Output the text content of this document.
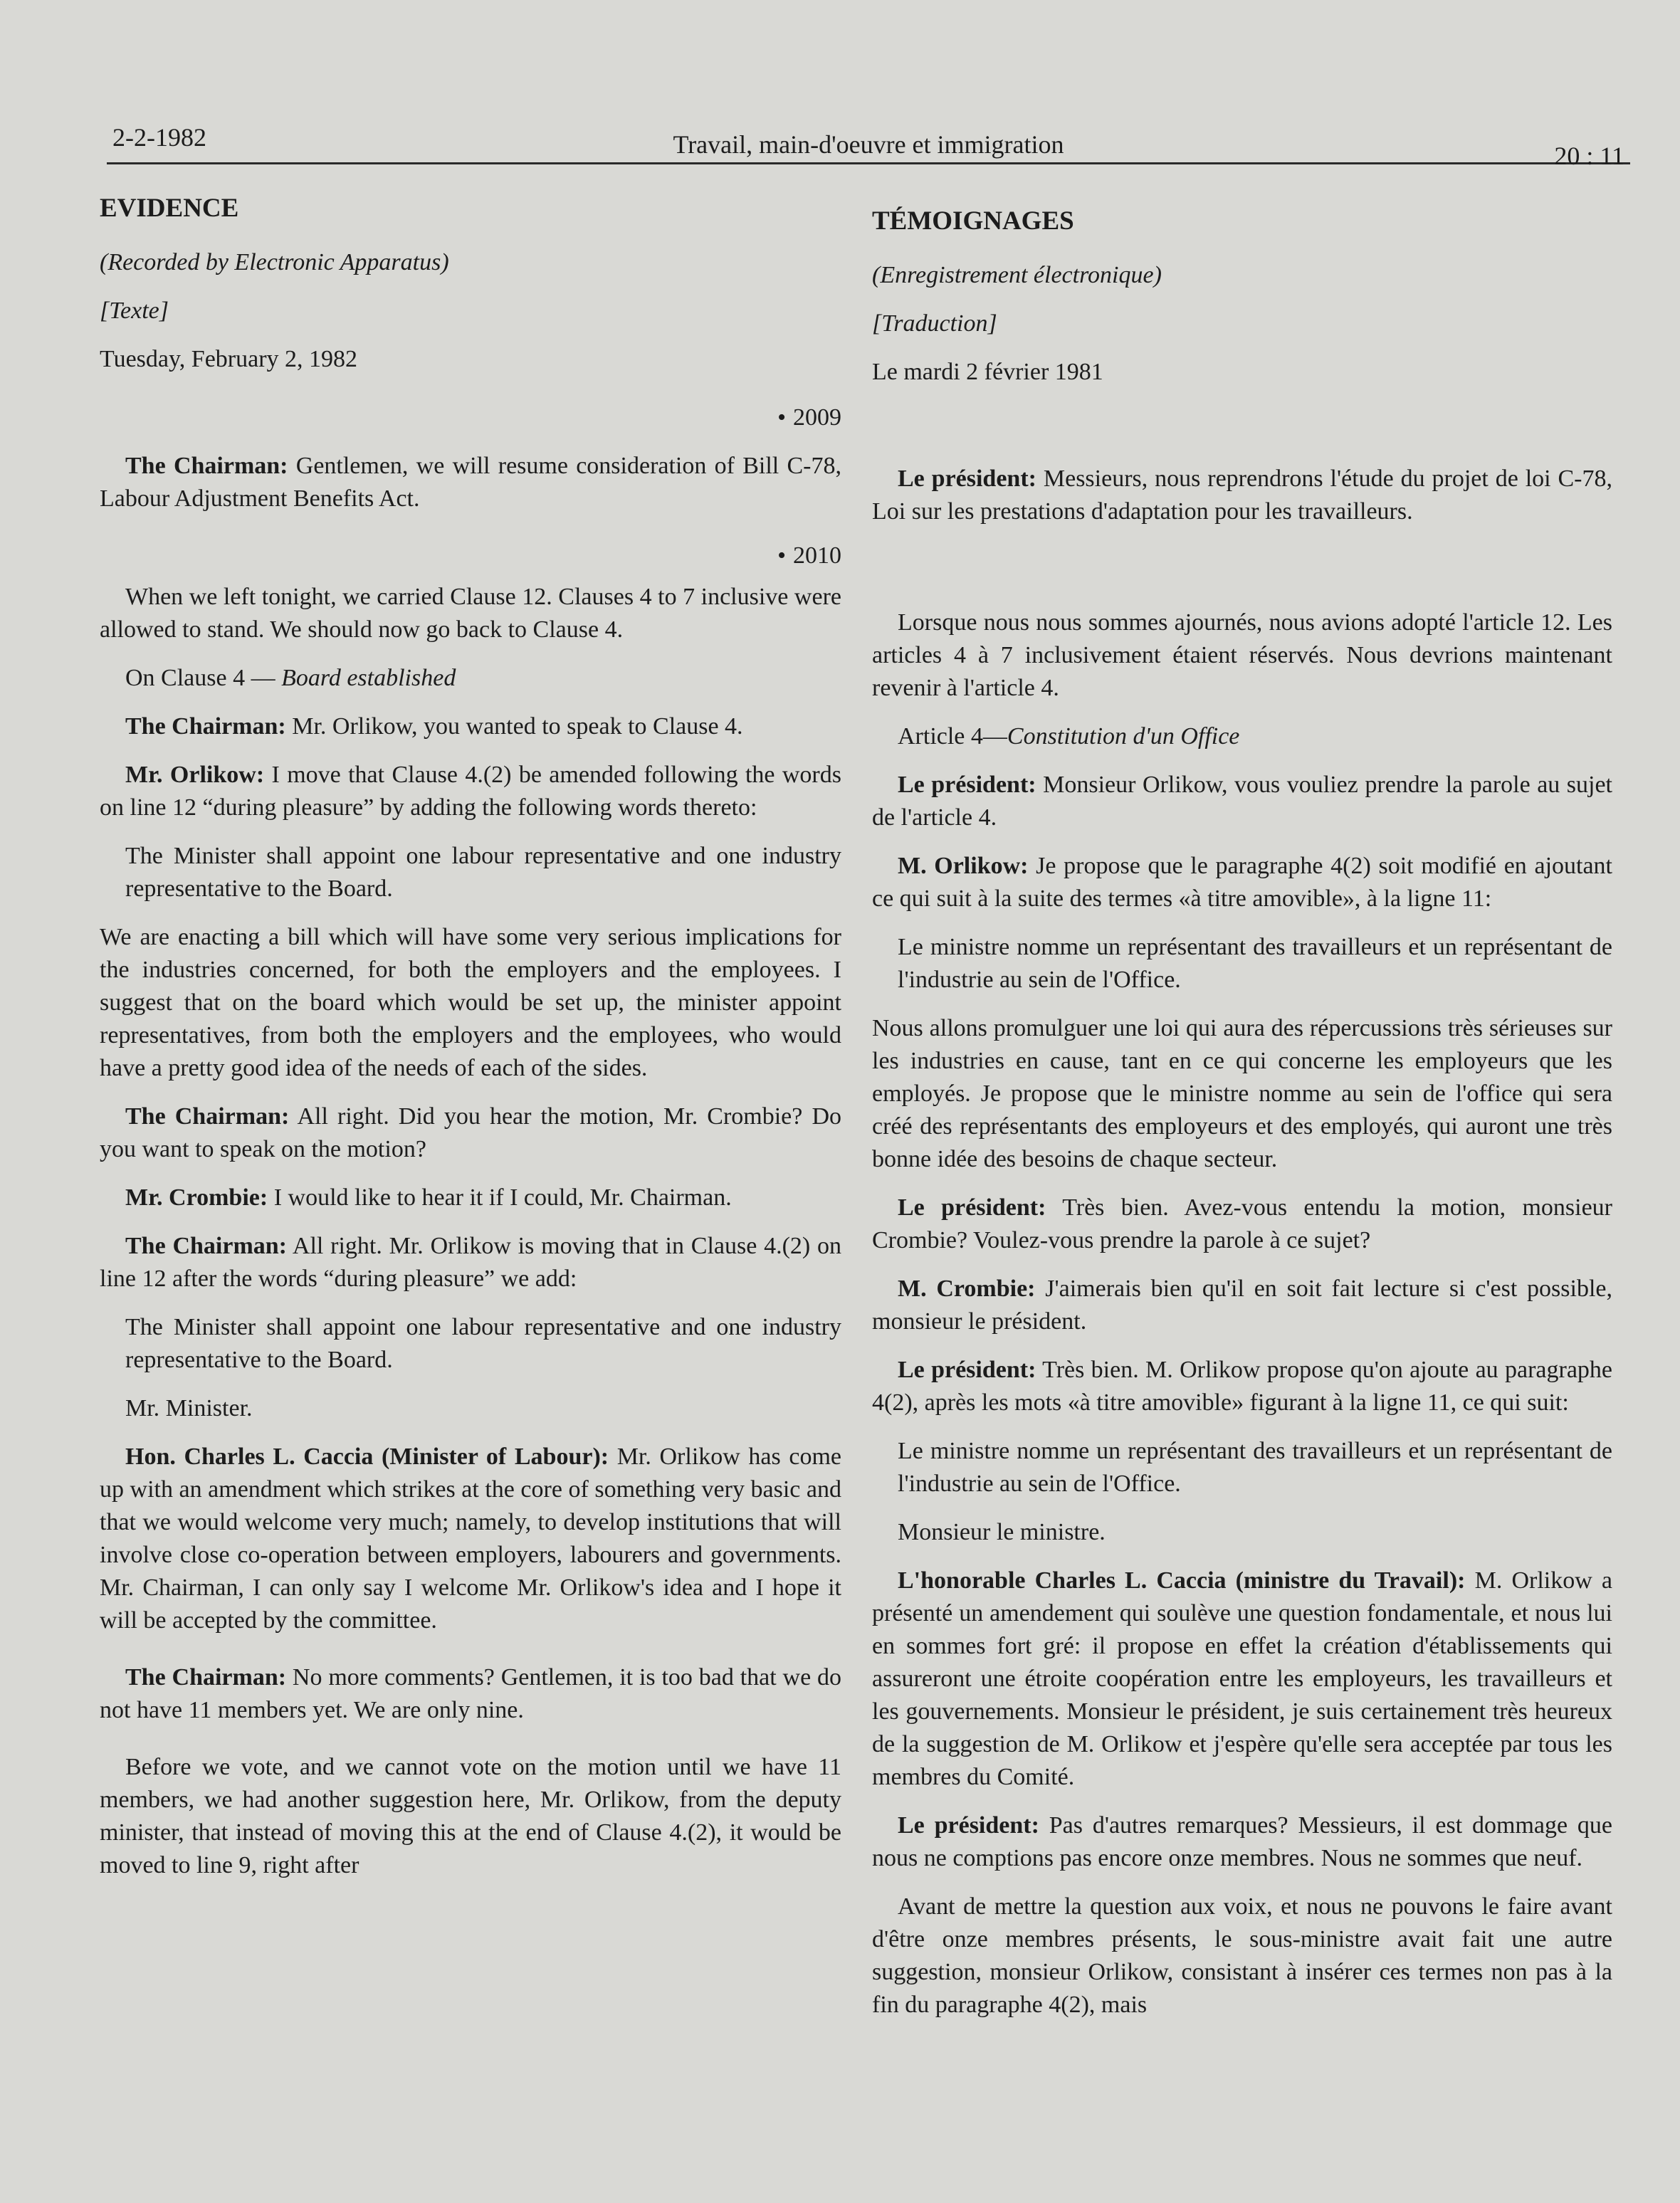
2-2-1982	Travail, main-d'oeuvre et immigration	20 : 11

EVIDENCE

(Recorded by Electronic Apparatus)

[Texte]

Tuesday, February 2, 1982

• 2009

The Chairman: Gentlemen, we will resume consideration of Bill C-78, Labour Adjustment Benefits Act.

• 2010

When we left tonight, we carried Clause 12. Clauses 4 to 7 inclusive were allowed to stand. We should now go back to Clause 4.

On Clause 4 — Board established

The Chairman: Mr. Orlikow, you wanted to speak to Clause 4.

Mr. Orlikow: I move that Clause 4.(2) be amended following the words on line 12 “during pleasure” by adding the following words thereto:

The Minister shall appoint one labour representative and one industry representative to the Board.

We are enacting a bill which will have some very serious implications for the industries concerned, for both the employers and the employees. I suggest that on the board which would be set up, the minister appoint representatives, from both the employers and the employees, who would have a pretty good idea of the needs of each of the sides.

The Chairman: All right. Did you hear the motion, Mr. Crombie? Do you want to speak on the motion?

Mr. Crombie: I would like to hear it if I could, Mr. Chairman.

The Chairman: All right. Mr. Orlikow is moving that in Clause 4.(2) on line 12 after the words “during pleasure” we add:

The Minister shall appoint one labour representative and one industry representative to the Board.

Mr. Minister.

Hon. Charles L. Caccia (Minister of Labour): Mr. Orlikow has come up with an amendment which strikes at the core of something very basic and that we would welcome very much; namely, to develop institutions that will involve close co-operation between employers, labourers and governments. Mr. Chairman, I can only say I welcome Mr. Orlikow's idea and I hope it will be accepted by the committee.

The Chairman: No more comments? Gentlemen, it is too bad that we do not have 11 members yet. We are only nine.

Before we vote, and we cannot vote on the motion until we have 11 members, we had another suggestion here, Mr. Orlikow, from the deputy minister, that instead of moving this at the end of Clause 4.(2), it would be moved to line 9, right after

TÉMOIGNAGES

(Enregistrement électronique)

[Traduction]

Le mardi 2 février 1981

Le président: Messieurs, nous reprendrons l'étude du projet de loi C-78, Loi sur les prestations d'adaptation pour les travailleurs.

Lorsque nous nous sommes ajournés, nous avions adopté l'article 12. Les articles 4 à 7 inclusivement étaient réservés. Nous devrions maintenant revenir à l'article 4.

Article 4—Constitution d'un Office

Le président: Monsieur Orlikow, vous vouliez prendre la parole au sujet de l'article 4.

M. Orlikow: Je propose que le paragraphe 4(2) soit modifié en ajoutant ce qui suit à la suite des termes «à titre amovible», à la ligne 11:

Le ministre nomme un représentant des travailleurs et un représentant de l'industrie au sein de l'Office.

Nous allons promulguer une loi qui aura des répercussions très sérieuses sur les industries en cause, tant en ce qui concerne les employeurs que les employés. Je propose que le ministre nomme au sein de l'office qui sera créé des représentants des employeurs et des employés, qui auront une très bonne idée des besoins de chaque secteur.

Le président: Très bien. Avez-vous entendu la motion, monsieur Crombie? Voulez-vous prendre la parole à ce sujet?

M. Crombie: J'aimerais bien qu'il en soit fait lecture si c'est possible, monsieur le président.

Le président: Très bien. M. Orlikow propose qu'on ajoute au paragraphe 4(2), après les mots «à titre amovible» figurant à la ligne 11, ce qui suit:

Le ministre nomme un représentant des travailleurs et un représentant de l'industrie au sein de l'Office.

Monsieur le ministre.

L'honorable Charles L. Caccia (ministre du Travail): M. Orlikow a présenté un amendement qui soulève une question fondamentale, et nous lui en sommes fort gré: il propose en effet la création d'établissements qui assureront une étroite coopération entre les employeurs, les travailleurs et les gouvernements. Monsieur le président, je suis certainement très heureux de la suggestion de M. Orlikow et j'espère qu'elle sera acceptée par tous les membres du Comité.

Le président: Pas d'autres remarques? Messieurs, il est dommage que nous ne comptions pas encore onze membres. Nous ne sommes que neuf.

Avant de mettre la question aux voix, et nous ne pouvons le faire avant d'être onze membres présents, le sous-ministre avait fait une autre suggestion, monsieur Orlikow, consistant à insérer ces termes non pas à la fin du paragraphe 4(2), mais
